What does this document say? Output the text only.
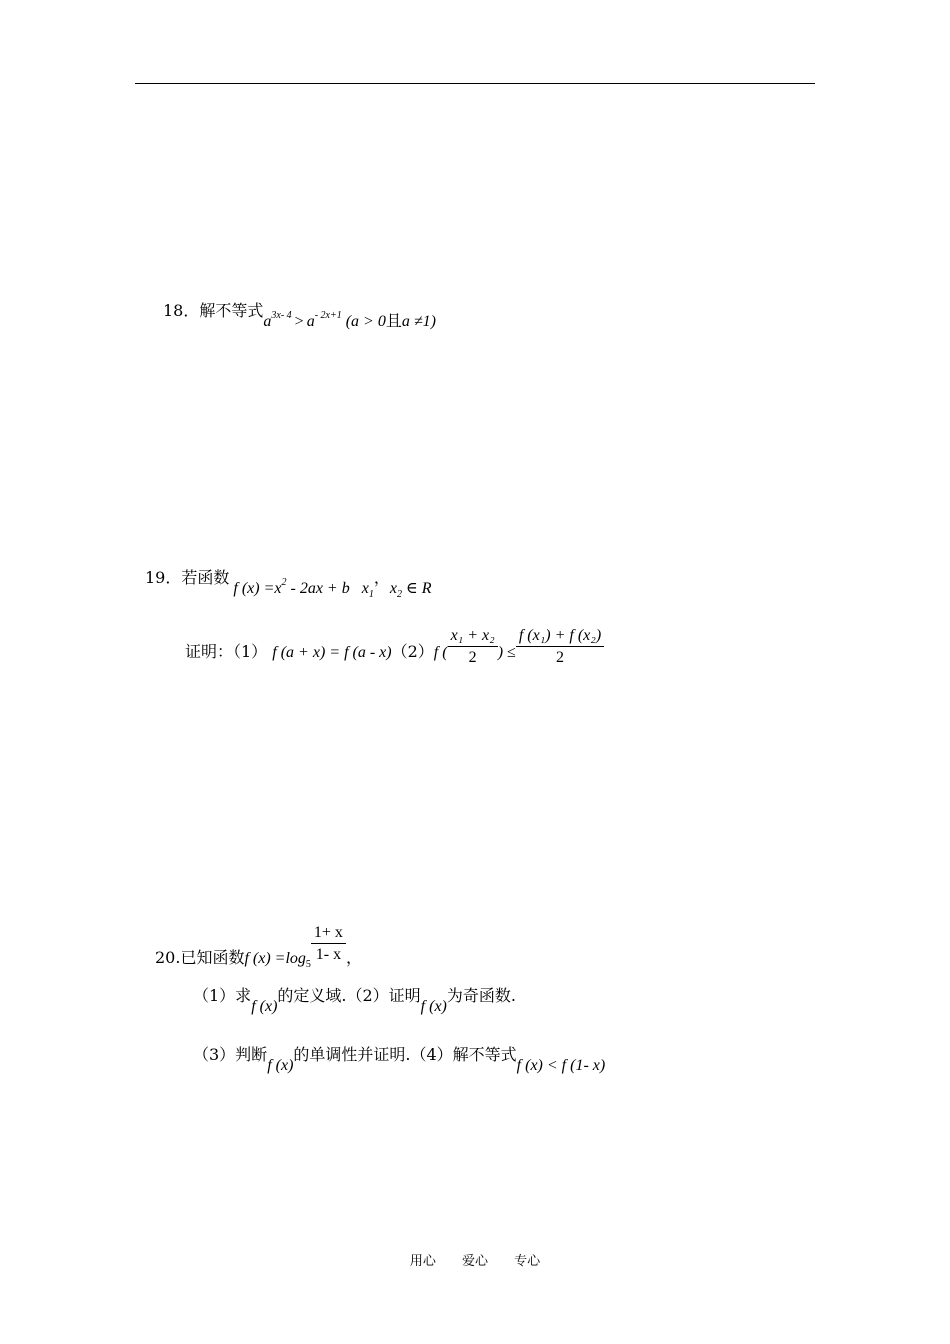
18．解不等式$a^{3x- 4} > a^{- 2x+1}$ (a > 0且a ≠1)
19．若函数f $(x) =x^2 - 2ax + b$ $x_1$，$x_2$ ∈ R
证明：（1） f (a + x) = f (a - x)（2）f ( $\frac{\text{x₁ + x₂}}{2}$ ) ≤ $\frac{\text{f (x₁) + f (x₂)}}{2}$
20.已知函数f $(x) =\log_5$
$\frac{1+ x}{1- x}$ ，
（1）求f (x)的定义域.（2）证明f (x)为奇函数.
（3）判断f (x)的单调性并证明.（4）解不等式f (x) < f (1- x)
用心 爱心 专心
